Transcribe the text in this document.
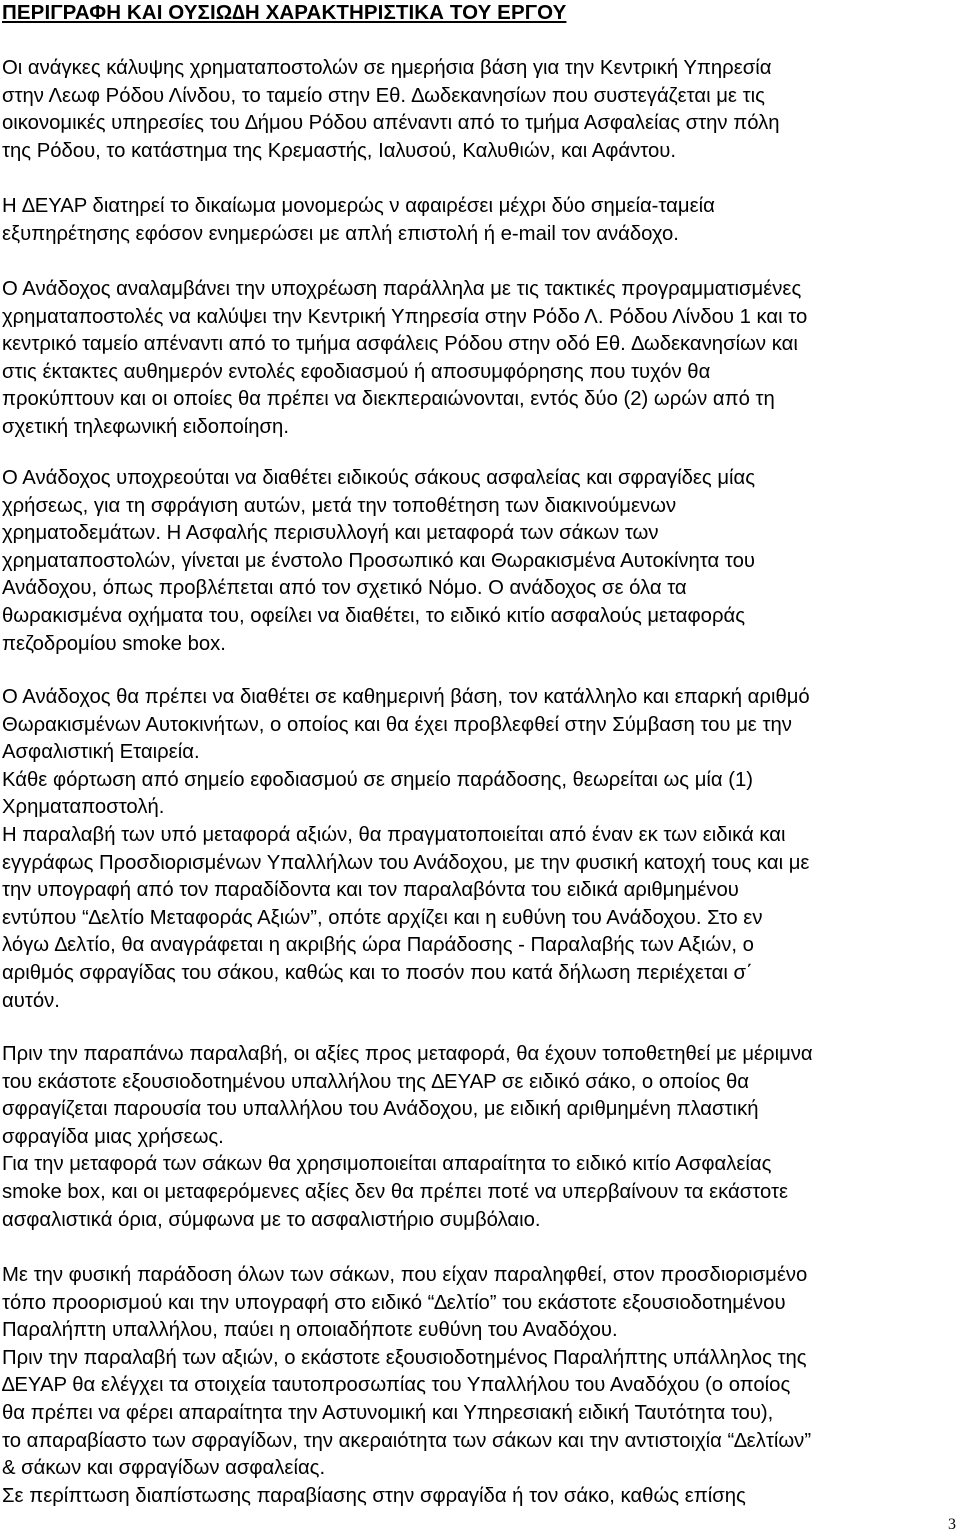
ΠΕΡΙΓΡΑΦΗ ΚΑΙ ΟΥΣΙΩ∆Η ΧΑΡΑΚΤΗΡΙΣΤΙΚΑ ΤΟΥ ΕΡΓΟΥ

Οι ανάγκες κάλυψης χρηματαποστολών σε ημερήσια βάση για την Κεντρική Υπηρεσία
στην Λεωφ Ρόδου Λίνδου, το ταμείο στην Εθ. ∆ωδεκανησίων που συστεγάζεται με τις
οικονομικές υπηρεσίες του ∆ήμου Ρόδου απέναντι από το τμήμα Ασφαλείας στην πόλη
της Ρόδου, το κατάστημα της Κρεμαστής, Ιαλυσού, Καλυθιών, και Αφάντου.

Η ∆ΕΥΑΡ διατηρεί το δικαίωμα μονομερώς ν αφαιρέσει μέχρι δύο σημεία-ταμεία
εξυπηρέτησης εφόσον ενημερώσει με απλή επιστολή ή e-mail τον ανάδοχο.

Ο Ανάδοχος αναλαμβάνει την υποχρέωση παράλληλα με τις τακτικές προγραμματισμένες
χρηματαποστολές να καλύψει την Κεντρική Υπηρεσία στην Ρόδο Λ. Ρόδου Λίνδου 1 και το
κεντρικό ταμείο απέναντι από το τμήμα ασφάλεις Ρόδου στην οδό Εθ. ∆ωδεκανησίων και
στις έκτακτες αυθημερόν εντολές εφοδιασμού ή αποσυμφόρησης που τυχόν θα
προκύπτουν και οι οποίες θα πρέπει να διεκπεραιώνονται, εντός δύο (2) ωρών από τη
σχετική τηλεφωνική ειδοποίηση.

Ο Ανάδοχος υποχρεούται να διαθέτει ειδικούς σάκους ασφαλείας και σφραγίδες μίας
χρήσεως, για τη σφράγιση αυτών, μετά την τοποθέτηση των διακινούμενων
χρηματοδεμάτων. Η Ασφαλής περισυλλογή και μεταφορά των σάκων των
χρηματαποστολών, γίνεται με ένστολο Προσωπικό και Θωρακισμένα Αυτοκίνητα του
Ανάδοχου, όπως προβλέπεται από τον σχετικό Νόμο. Ο ανάδοχος σε όλα τα
θωρακισμένα οχήματα του, οφείλει να διαθέτει, το ειδικό κιτίο ασφαλούς μεταφοράς
πεζοδρομίου smoke box.

Ο Ανάδοχος θα πρέπει να διαθέτει σε καθημερινή βάση, τον κατάλληλο και επαρκή αριθμό
Θωρακισμένων Αυτοκινήτων, ο οποίος και θα έχει προβλεφθεί στην Σύμβαση του με την
Ασφαλιστική Εταιρεία.
Κάθε φόρτωση από σημείο εφοδιασμού σε σημείο παράδοσης, θεωρείται ως μία (1)
Χρηματαποστολή.
Η παραλαβή των υπό μεταφορά αξιών, θα πραγματοποιείται από έναν εκ των ειδικά και
εγγράφως Προσδιορισμένων Υπαλλήλων του Ανάδοχου, με την φυσική κατοχή τους και με
την υπογραφή από τον παραδίδοντα και τον παραλαβόντα του ειδικά αριθμημένου
εντύπου “∆ελτίο Μεταφοράς Αξιών”, οπότε αρχίζει και η ευθύνη του Ανάδοχου. Στο εν
λόγω ∆ελτίο, θα αναγράφεται η ακριβής ώρα Παράδοσης - Παραλαβής των Αξιών, ο
αριθμός σφραγίδας του σάκου, καθώς και το ποσόν που κατά δήλωση περιέχεται σ΄
αυτόν.

Πριν την παραπάνω παραλαβή, οι αξίες προς μεταφορά, θα έχουν τοποθετηθεί με μέριμνα
του εκάστοτε εξουσιοδοτημένου υπαλλήλου της ∆ΕΥΑΡ σε ειδικό σάκο, ο οποίος θα
σφραγίζεται παρουσία του υπαλλήλου του Ανάδοχου, με ειδική αριθμημένη πλαστική
σφραγίδα μιας χρήσεως.
Για την μεταφορά των σάκων θα χρησιμοποιείται απαραίτητα το ειδικό κιτίο Ασφαλείας
smoke box, και οι μεταφερόμενες αξίες δεν θα πρέπει ποτέ να υπερβαίνουν τα εκάστοτε
ασφαλιστικά όρια, σύμφωνα με το ασφαλιστήριο συμβόλαιο.

Με την φυσική παράδοση όλων των σάκων, που είχαν παραληφθεί, στον προσδιορισμένο
τόπο προορισμού και την υπογραφή στο ειδικό “∆ελτίο” του εκάστοτε εξουσιοδοτημένου
Παραλήπτη υπαλλήλου, παύει η οποιαδήποτε ευθύνη του Αναδόχου.
Πριν την παραλαβή των αξιών, ο εκάστοτε εξουσιοδοτημένος Παραλήπτης υπάλληλος της
∆ΕΥΑΡ θα ελέγχει τα στοιχεία ταυτοπροσωπίας του Υπαλλήλου του Αναδόχου (ο οποίος
θα πρέπει να φέρει απαραίτητα την Αστυνομική και Υπηρεσιακή ειδική Ταυτότητα του),
το απαραβίαστο των σφραγίδων, την ακεραιότητα των σάκων και την αντιστοιχία “∆ελτίων”
& σάκων και σφραγίδων ασφαλείας.
Σε περίπτωση διαπίστωσης παραβίασης στην σφραγίδα ή τον σάκο, καθώς επίσης

3
